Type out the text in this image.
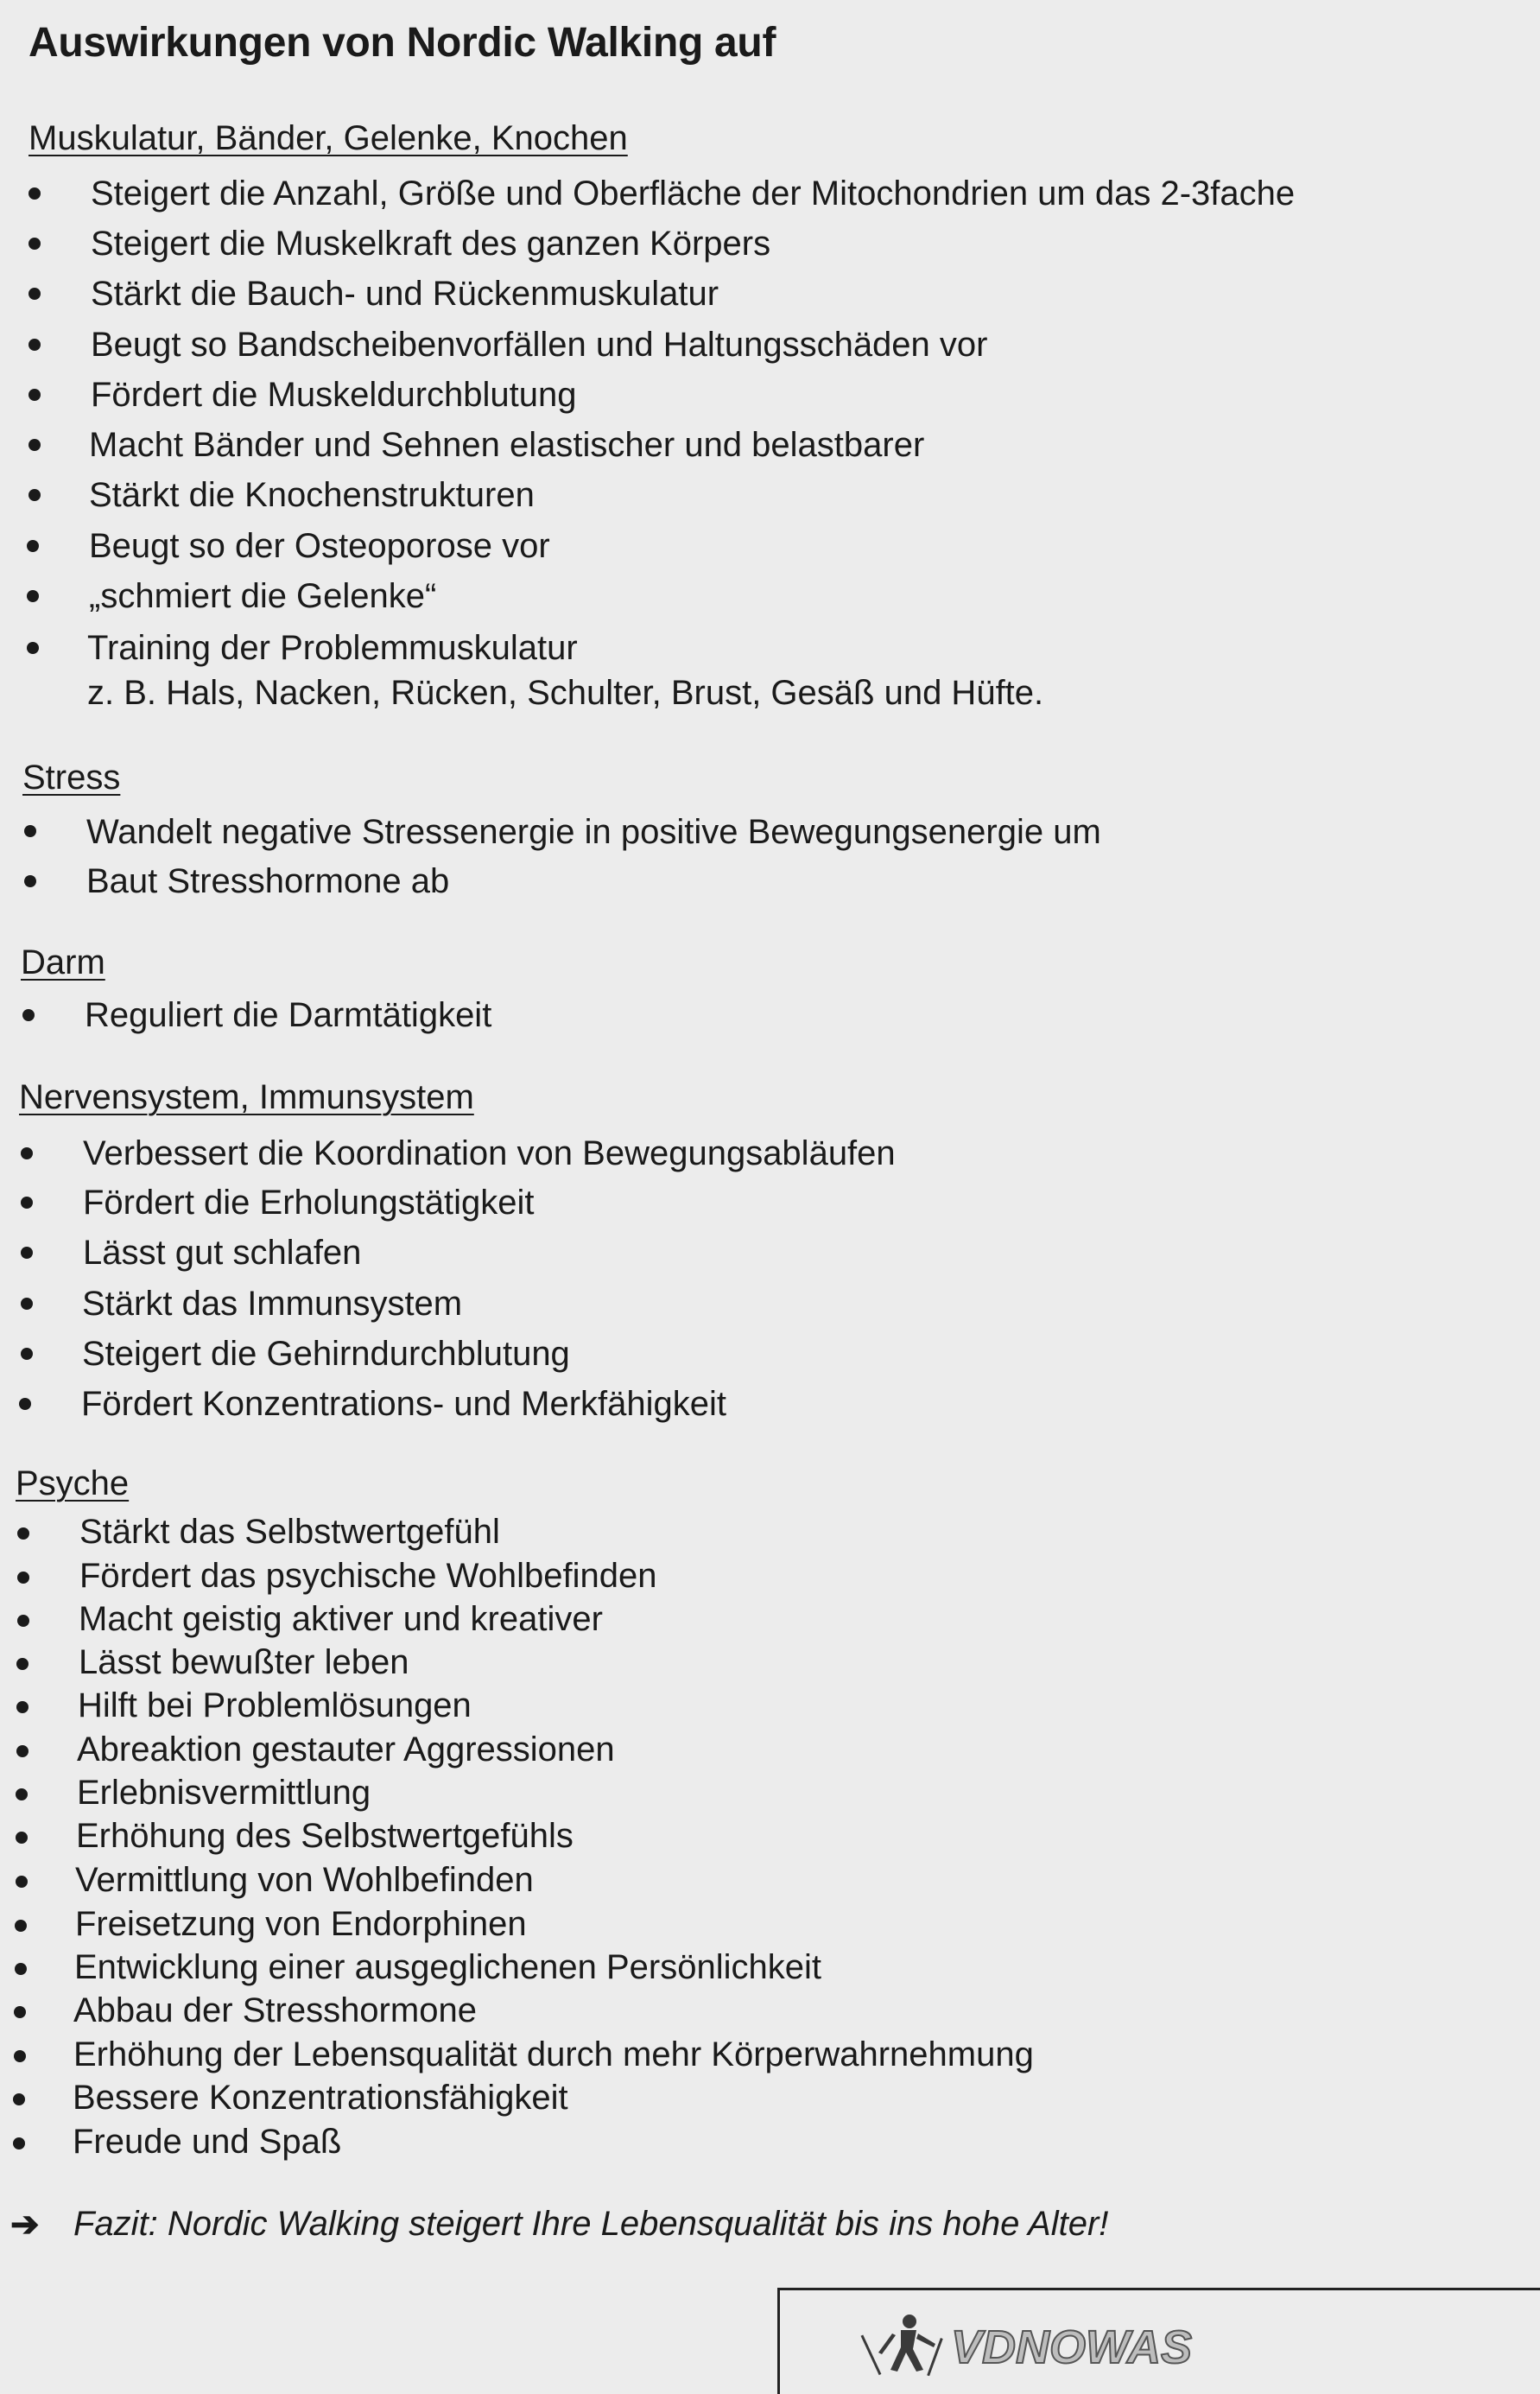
Auswirkungen von Nordic Walking auf
Muskulatur, Bänder, Gelenke, Knochen
Steigert die Anzahl, Größe und Oberfläche der Mitochondrien um das 2-3fache
Steigert die Muskelkraft des ganzen Körpers
Stärkt die Bauch- und Rückenmuskulatur
Beugt so Bandscheibenvorfällen und Haltungsschäden vor
Fördert die Muskeldurchblutung
Macht Bänder und Sehnen elastischer und belastbarer
Stärkt die Knochenstrukturen
Beugt so der Osteoporose vor
„schmiert die Gelenke“
Training der Problemmuskulatur
z. B. Hals, Nacken, Rücken, Schulter, Brust, Gesäß und Hüfte.
Stress
Wandelt negative Stressenergie in positive Bewegungsenergie um
Baut Stresshormone ab
Darm
Reguliert die Darmtätigkeit
Nervensystem, Immunsystem
Verbessert die Koordination von Bewegungsabläufen
Fördert die Erholungstätigkeit
Lässt gut schlafen
Stärkt das Immunsystem
Steigert die Gehirndurchblutung
Fördert Konzentrations- und Merkfähigkeit
Psyche
Stärkt das Selbstwertgefühl
Fördert das psychische Wohlbefinden
Macht geistig aktiver und kreativer
Lässt bewußter leben
Hilft bei Problemlösungen
Abreaktion gestauter Aggressionen
Erlebnisvermittlung
Erhöhung des Selbstwertgefühls
Vermittlung von Wohlbefinden
Freisetzung von Endorphinen
Entwicklung einer ausgeglichenen Persönlichkeit
Abbau der Stresshormone
Erhöhung der Lebensqualität durch mehr Körperwahrnehmung
Bessere Konzentrationsfähigkeit
Freude und Spaß
➔ Fazit: Nordic Walking steigert Ihre Lebensqualität bis ins hohe Alter!
VDNOWAS
